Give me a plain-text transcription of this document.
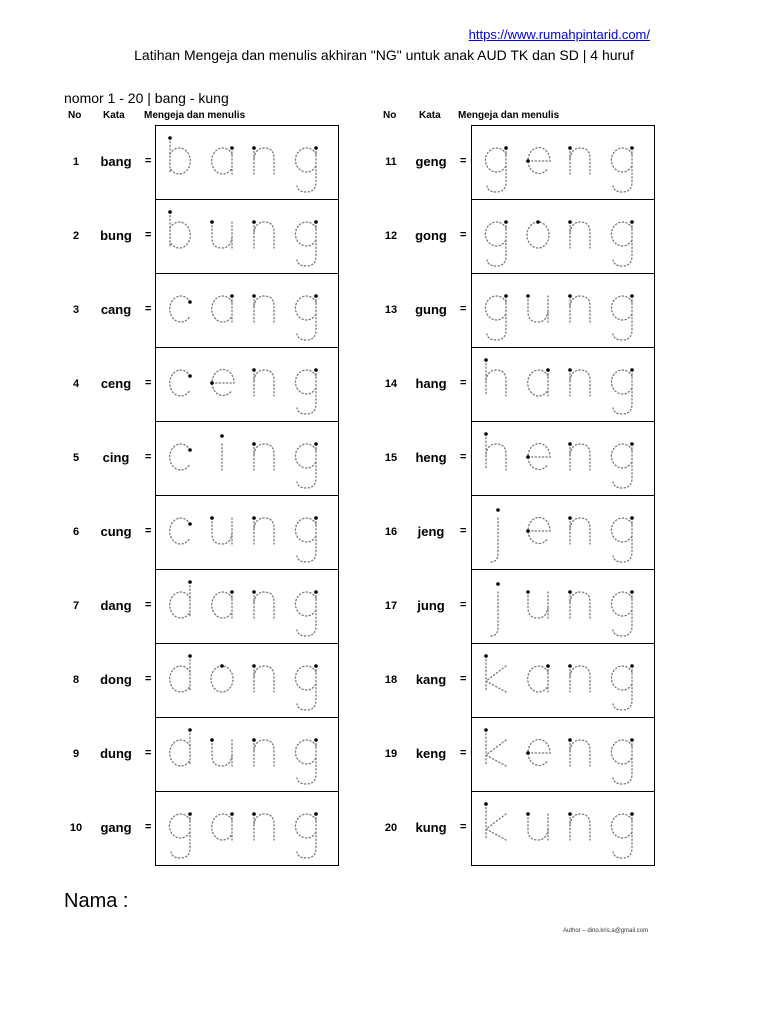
https://www.rumahpintarid.com/
Latihan Mengeja dan menulis akhiran "NG" untuk anak AUD TK dan SD | 4 huruf
nomor 1 - 20 | bang - kung
No Kata Mengeja dan menulis	No Kata Mengeja dan menulis
1	bang	=
2	bung	=
3	cang	=
4	ceng	=
5	cing	=
6	cung	=
7	dang	=
8	dong	=
9	dung	=
10	gang	=
11	geng	=
12	gong	=
13	gung	=
14	hang	=
15	heng	=
16	jeng	=
17	jung	=
18	kang	=
19	keng	=
20	kung	=
Nama :
Author – dino.kris.a@gmail.com
